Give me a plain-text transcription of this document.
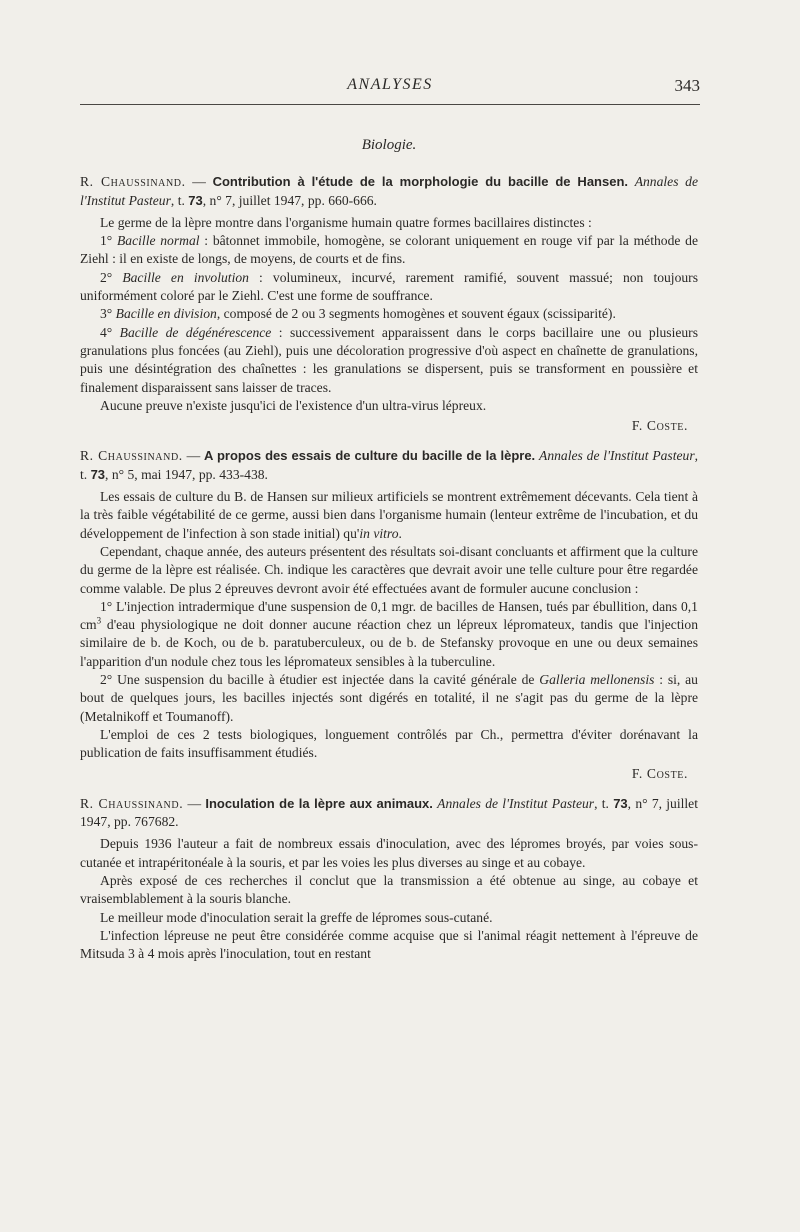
ANALYSES	343
Biologie.
R. Chaussinand. — Contribution à l'étude de la morphologie du bacille de Hansen. Annales de l'Institut Pasteur, t. 73, n° 7, juillet 1947, pp. 660-666.

Le germe de la lèpre montre dans l'organisme humain quatre formes bacillaires distinctes :

1° Bacille normal : bâtonnet immobile, homogène, se colorant uniquement en rouge vif par la méthode de Ziehl : il en existe de longs, de moyens, de courts et de fins.

2° Bacille en involution : volumineux, incurvé, rarement ramifié, souvent massué; non toujours uniformément coloré par le Ziehl. C'est une forme de souffrance.

3° Bacille en division, composé de 2 ou 3 segments homogènes et souvent égaux (scissiparité).

4° Bacille de dégénérescence : successivement apparaissent dans le corps bacillaire une ou plusieurs granulations plus foncées (au Ziehl), puis une décoloration progressive d'où aspect en chaînette de granulations, puis une désintégration des chaînettes : les granulations se dispersent, puis se transforment en poussière et finalement disparaissent sans laisser de traces.

Aucune preuve n'existe jusqu'ici de l'existence d'un ultra-virus lépreux.

F. Coste.
R. Chaussinand. — A propos des essais de culture du bacille de la lèpre. Annales de l'Institut Pasteur, t. 73, n° 5, mai 1947, pp. 433-438.

Les essais de culture du B. de Hansen sur milieux artificiels se montrent extrêmement décevants. Cela tient à la très faible végétabilité de ce germe, aussi bien dans l'organisme humain (lenteur extrême de l'incubation, et du développement de l'infection à son stade initial) qu'in vitro.

Cependant, chaque année, des auteurs présentent des résultats soi-disant concluants et affirment que la culture du germe de la lèpre est réalisée. Ch. indique les caractères que devrait avoir une telle culture pour être regardée comme valable. De plus 2 épreuves devront avoir été effectuées avant de formuler aucune conclusion :

1° L'injection intradermique d'une suspension de 0,1 mgr. de bacilles de Hansen, tués par ébullition, dans 0,1 $cm^3$ d'eau physiologique ne doit donner aucune réaction chez un lépreux lépromateux, tandis que l'injection similaire de b. de Koch, ou de b. paratuberculeux, ou de b. de Stefansky provoque en une ou deux semaines l'apparition d'un nodule chez tous les lépromateux sensibles à la tuberculine.

2° Une suspension du bacille à étudier est injectée dans la cavité générale de Galleria mellonensis : si, au bout de quelques jours, les bacilles injectés sont digérés en totalité, il ne s'agit pas du germe de la lèpre (Metalnikoff et Toumanoff).

L'emploi de ces 2 tests biologiques, longuement contrôlés par Ch., permettra d'éviter dorénavant la publication de faits insuffisamment étudiés.

F. Coste.
R. Chaussinand. — Inoculation de la lèpre aux animaux. Annales de l'Institut Pasteur, t. 73, n° 7, juillet 1947, pp. 767682.

Depuis 1936 l'auteur a fait de nombreux essais d'inoculation, avec des lépromes broyés, par voies sous-cutanée et intrapéritonéale à la souris, et par les voies les plus diverses au singe et au cobaye.

Après exposé de ces recherches il conclut que la transmission a été obtenue au singe, au cobaye et vraisemblablement à la souris blanche.

Le meilleur mode d'inoculation serait la greffe de lépromes sous-cutané.

L'infection lépreuse ne peut être considérée comme acquise que si l'animal réagit nettement à l'épreuve de Mitsuda 3 à 4 mois après l'inoculation, tout en restant
